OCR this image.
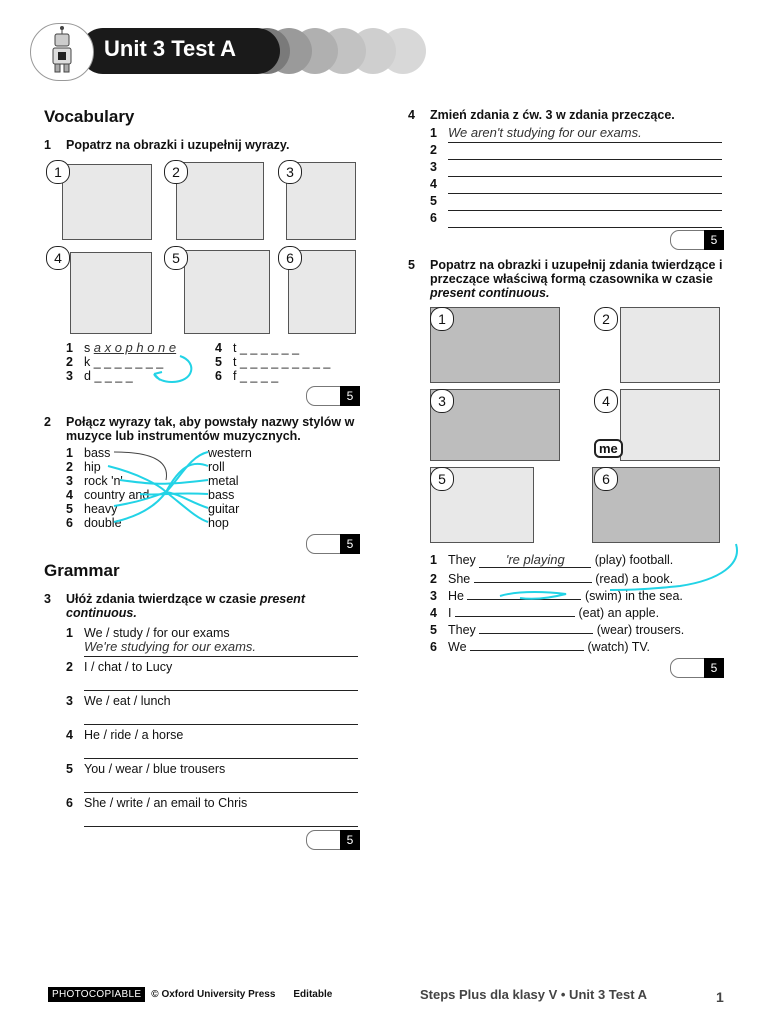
Unit 3 Test A
Vocabulary
1 Popatrz na obrazki i uzupełnij wyrazy.
1	2	3
4	5	6
1 s a x o p h o n e
2 k _ _ _ _ _ _ _
3 d _ _ _ _
4 t _ _ _ _ _ _
5 t _ _ _ _ _ _ _ _ _
6 f _ _ _ _
5
2	Połącz wyrazy tak, aby powstały nazwy stylów w muzyce lub instrumentów muzycznych.
1 bass
2 hip
3 rock 'n'
4 country and
5 heavy
6 double
western
roll
metal
bass
guitar
hop
5
Grammar
3	Ułóż zdania twierdzące w czasie present continuous.
1 We / study / for our exams
We're studying for our exams.
2 I / chat / to Lucy
3 We / eat / lunch
4 He / ride / a horse
5 You / wear / blue trousers
6 She / write / an email to Chris
5
4 Zmień zdania z ćw. 3 w zdania przeczące.
1 We aren't studying for our exams.
2
3
4
5
6
5
5	Popatrz na obrazki i uzupełnij zdania twierdzące i przeczące właściwą formą czasownika w czasie present continuous.
1	2
3	4
5	6
me
1 They 're playing (play) football.
2 She	(read) a book.
3 He	(swim) in the sea.
4 I	(eat) an apple.
5 They	(wear) trousers.
6 We	(watch) TV.
5
PHOTOCOPIABLE	© Oxford University Press Editable	Steps Plus dla klasy V • Unit 3 Test A	1
